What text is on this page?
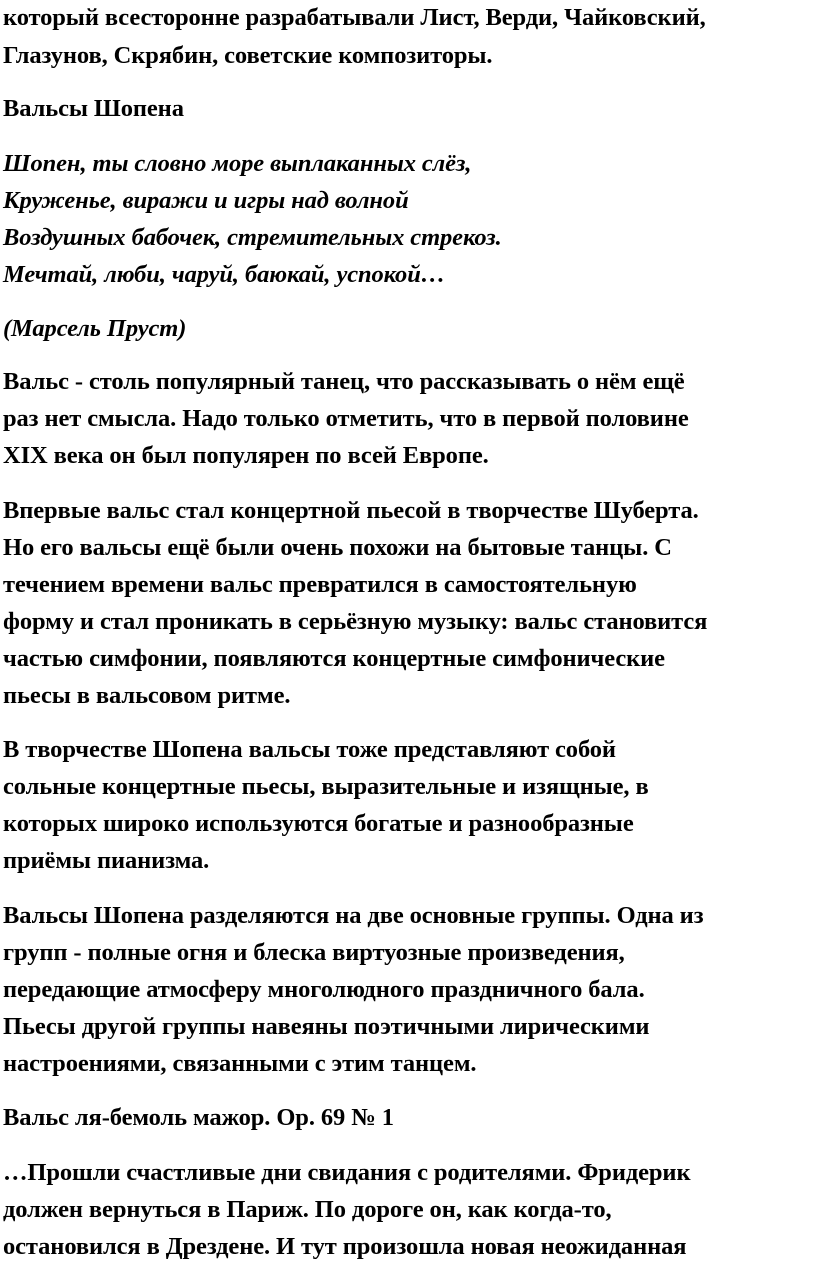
который всесторонне разрабатывали Лист, Верди, Чайковский,
Глазунов, Скрябин, советские композиторы.
Вальсы Шопена
Шопен, ты словно море выплаканных слёз,
Круженье, виражи и игры над волной
Воздушных бабочек, стремительных стрекоз.
Мечтай, люби, чаруй, баюкай, успокой…
(Марсель Пруст)
Вальс - столь популярный танец, что рассказывать о нём ещё
раз нет смысла. Надо только отметить, что в первой половине
XIX века он был популярен по всей Европе.
Впервые вальс стал концертной пьесой в творчестве Шуберта.
Но его вальсы ещё были очень похожи на бытовые танцы. С
течением времени вальс превратился в самостоятельную
форму и стал проникать в серьёзную музыку: вальс становится
частью симфонии, появляются концертные симфонические
пьесы в вальсовом ритме.
В творчестве Шопена вальсы тоже представляют собой
сольные концертные пьесы, выразительные и изящные, в
которых широко используются богатые и разнообразные
приёмы пианизма.
Вальсы Шопена разделяются на две основные группы. Одна из
групп - полные огня и блеска виртуозные произведения,
передающие атмосферу многолюдного праздничного бала.
Пьесы другой группы навеяны поэтичными лирическими
настроениями, связанными с этим танцем.
Вальс ля-бемоль мажор. Ор. 69 № 1
…Прошли счастливые дни свидания с родителями. Фридерик
должен вернуться в Париж. По дороге он, как когда-то,
остановился в Дрездене. И тут произошла новая неожиданная
